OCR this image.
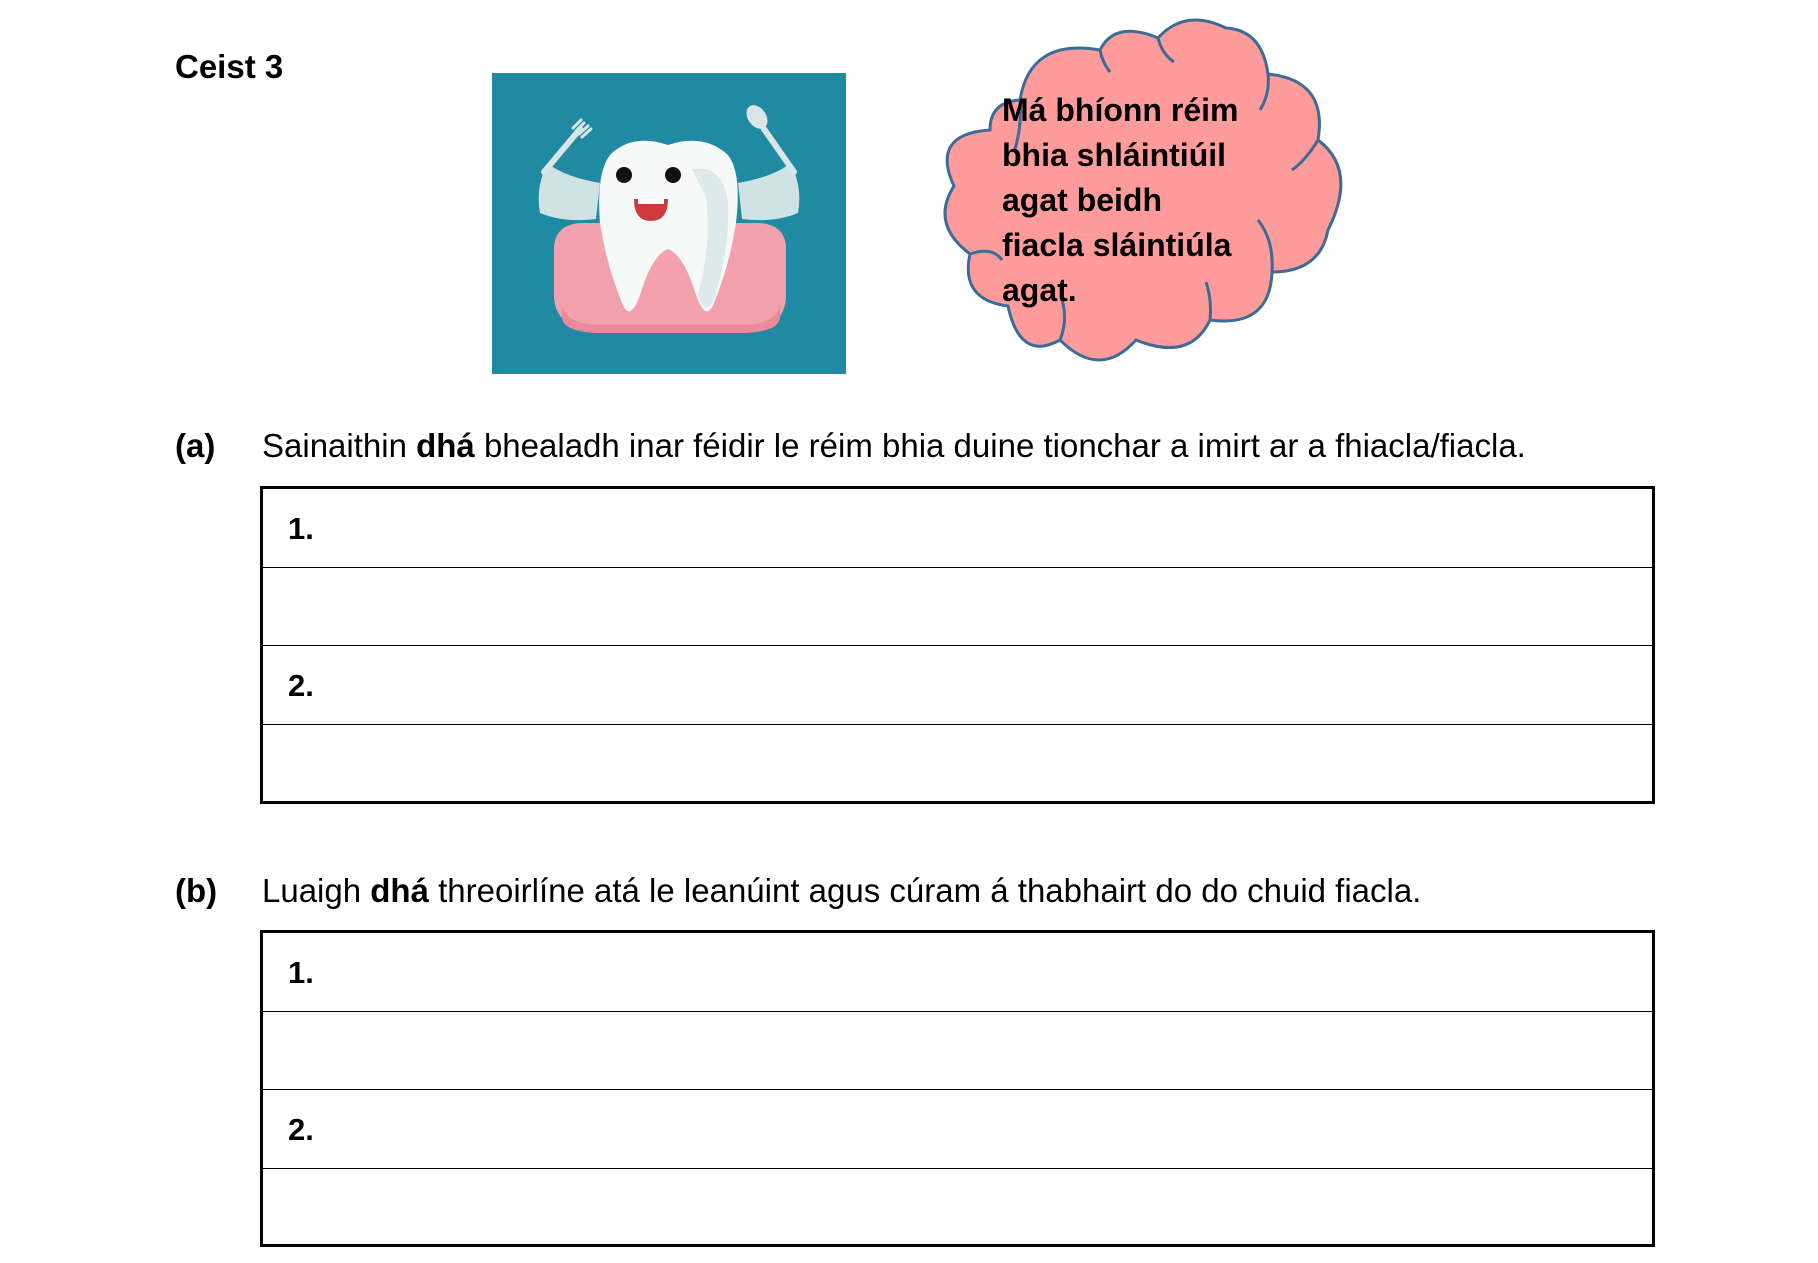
Ceist 3
Má bhíonn réim
bhia shláintiúil
agat beidh
fiacla sláintiúla
agat.
(a) Sainaithin dhá bhealadh inar féidir le réim bhia duine tionchar a imirt ar a fhiacla/fiacla.
1.
2.
(b) Luaigh dhá threoirlíne atá le leanúint agus cúram á thabhairt do do chuid fiacla.
1.
2.
